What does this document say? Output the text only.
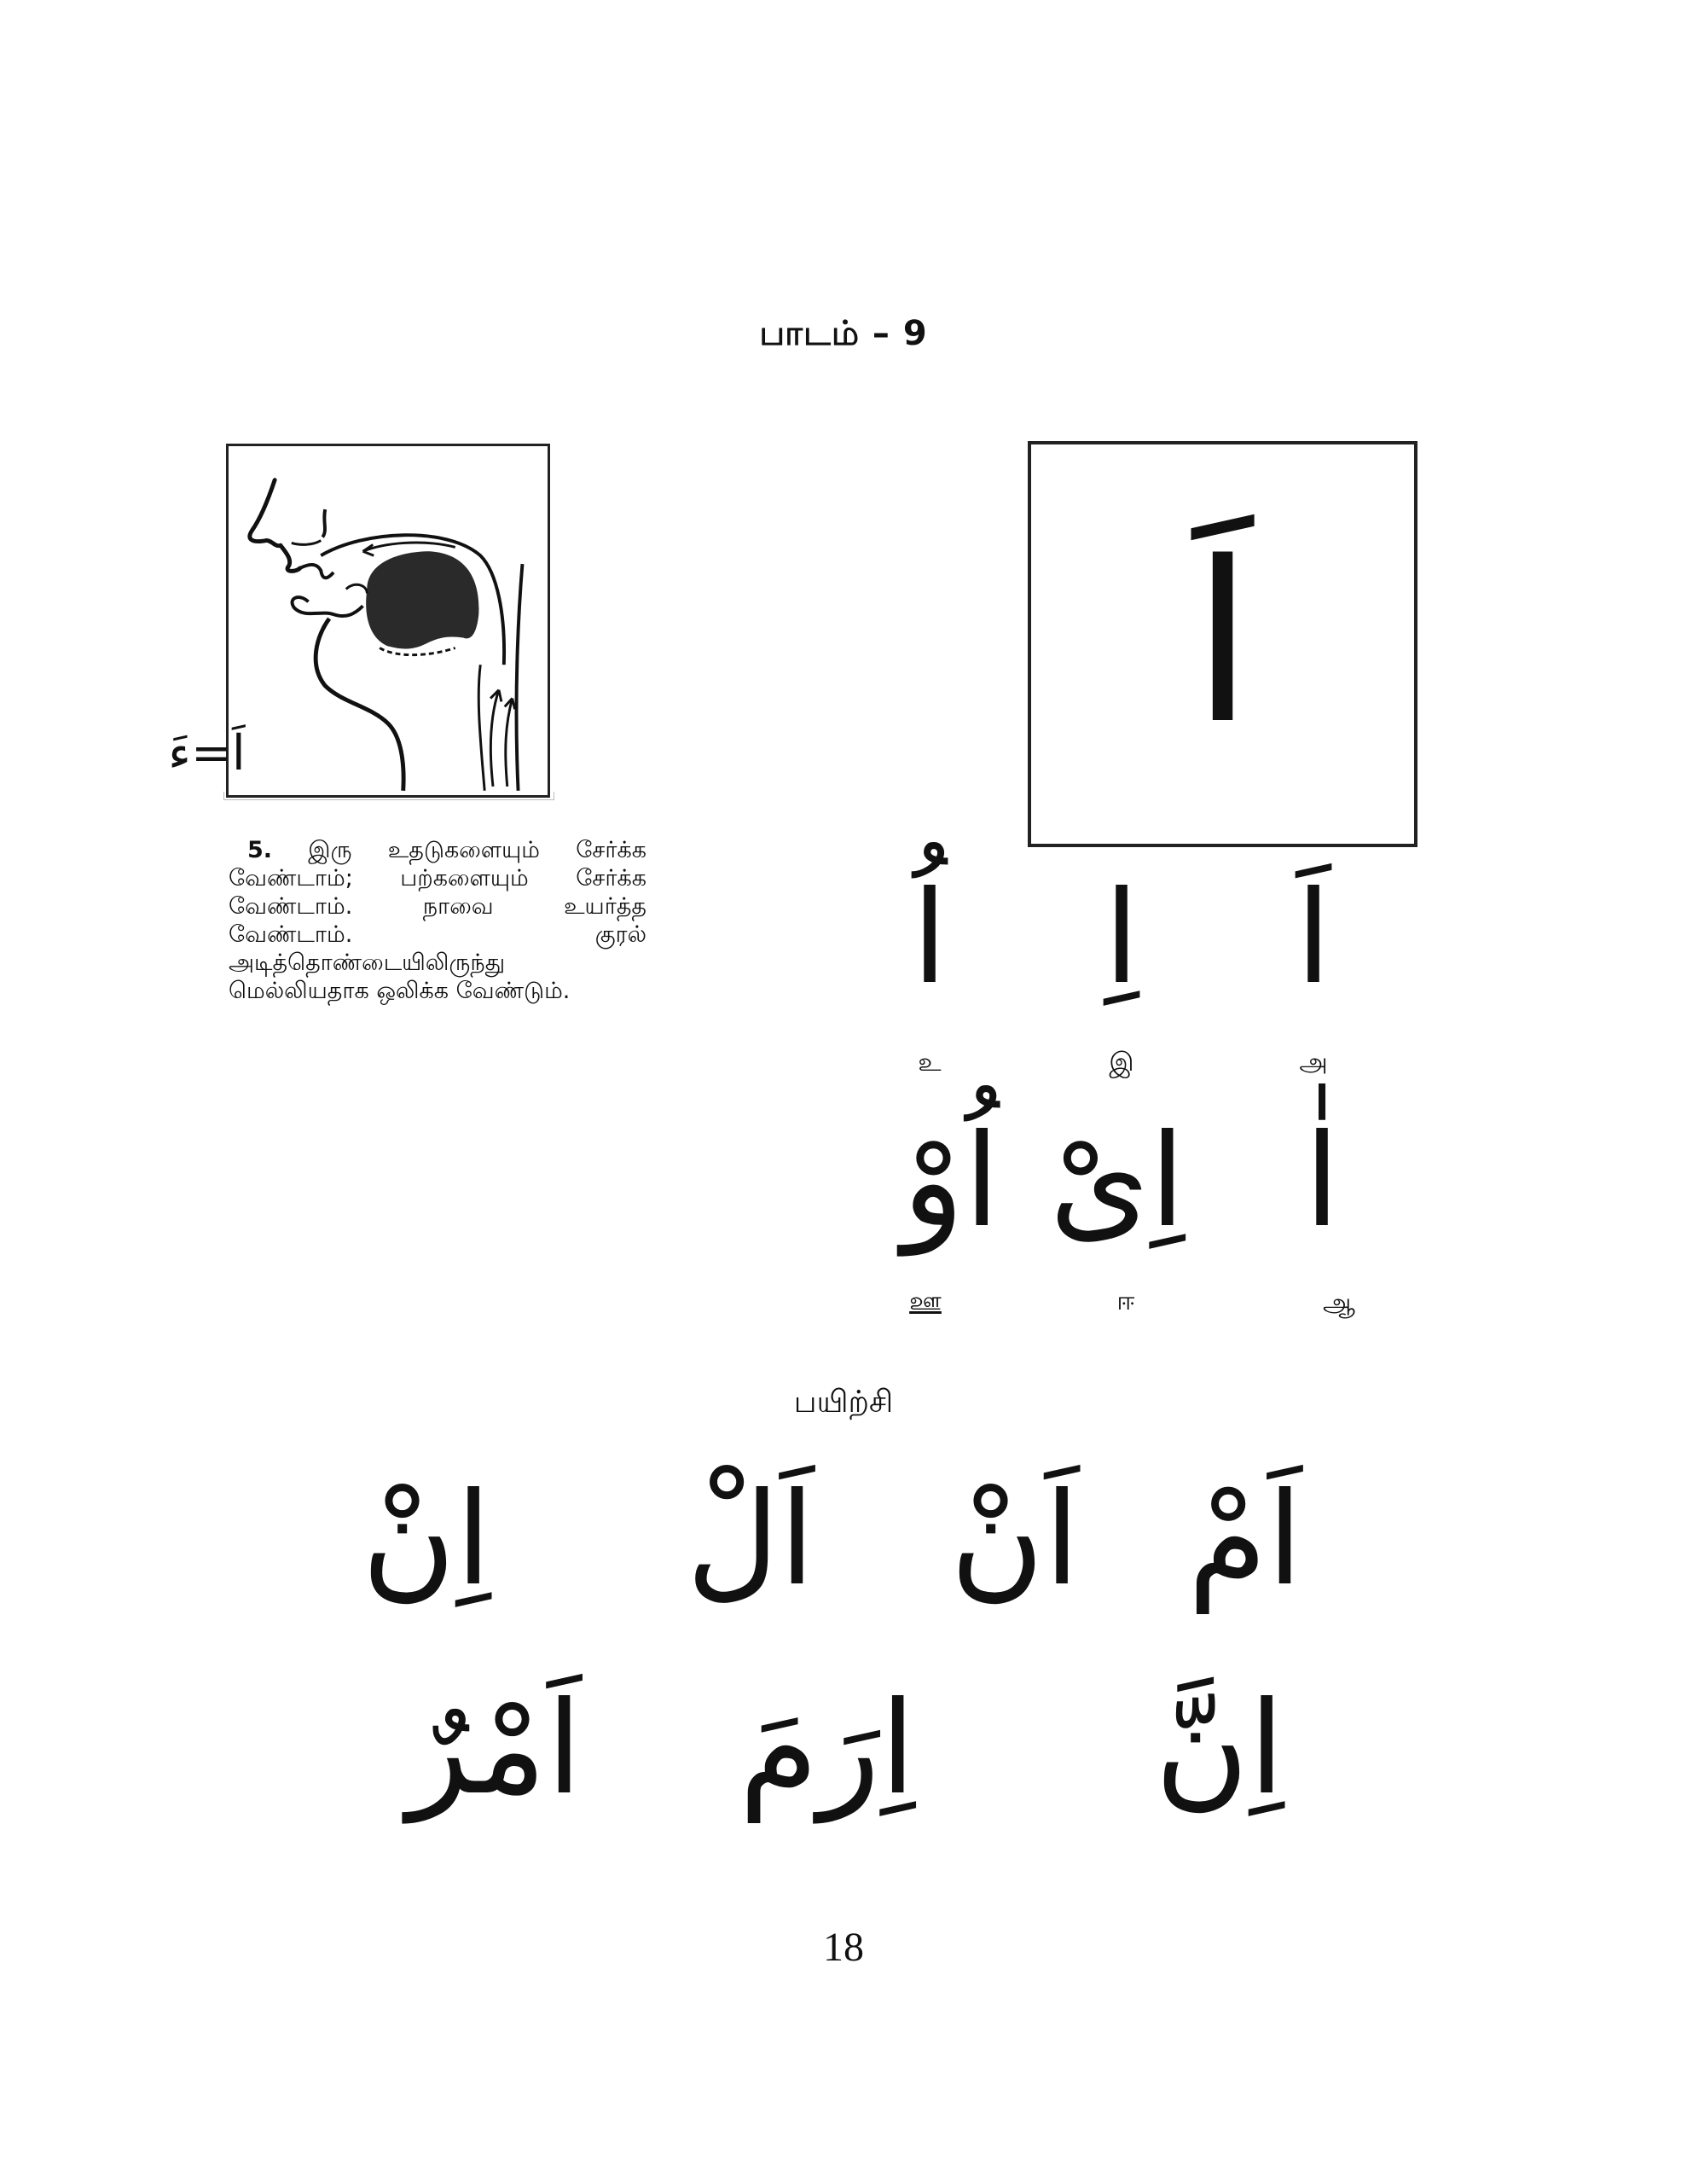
பாடம் – 9
اَ=ءَ
5. இரு உதடுகளையும் சேர்க்க
வேண்டாம்; பற்களையும் சேர்க்க
வேண்டாம். நாவை உயர்த்த
வேண்டாம். குரல்
அடித்தொண்டையிலிருந்து
மெல்லியதாக ஒலிக்க வேண்டும்.
اَ
اَ
اِ
اُ
அ
இ
உ
اٰ
اِىْ
اُوْ
ஆ
ஈ
ஊ
பயிற்சி
اَمْ
اَنْ
اَلْ
اِنْ
اِنَّ
اِرَمَ
اَمْرٌ
18
